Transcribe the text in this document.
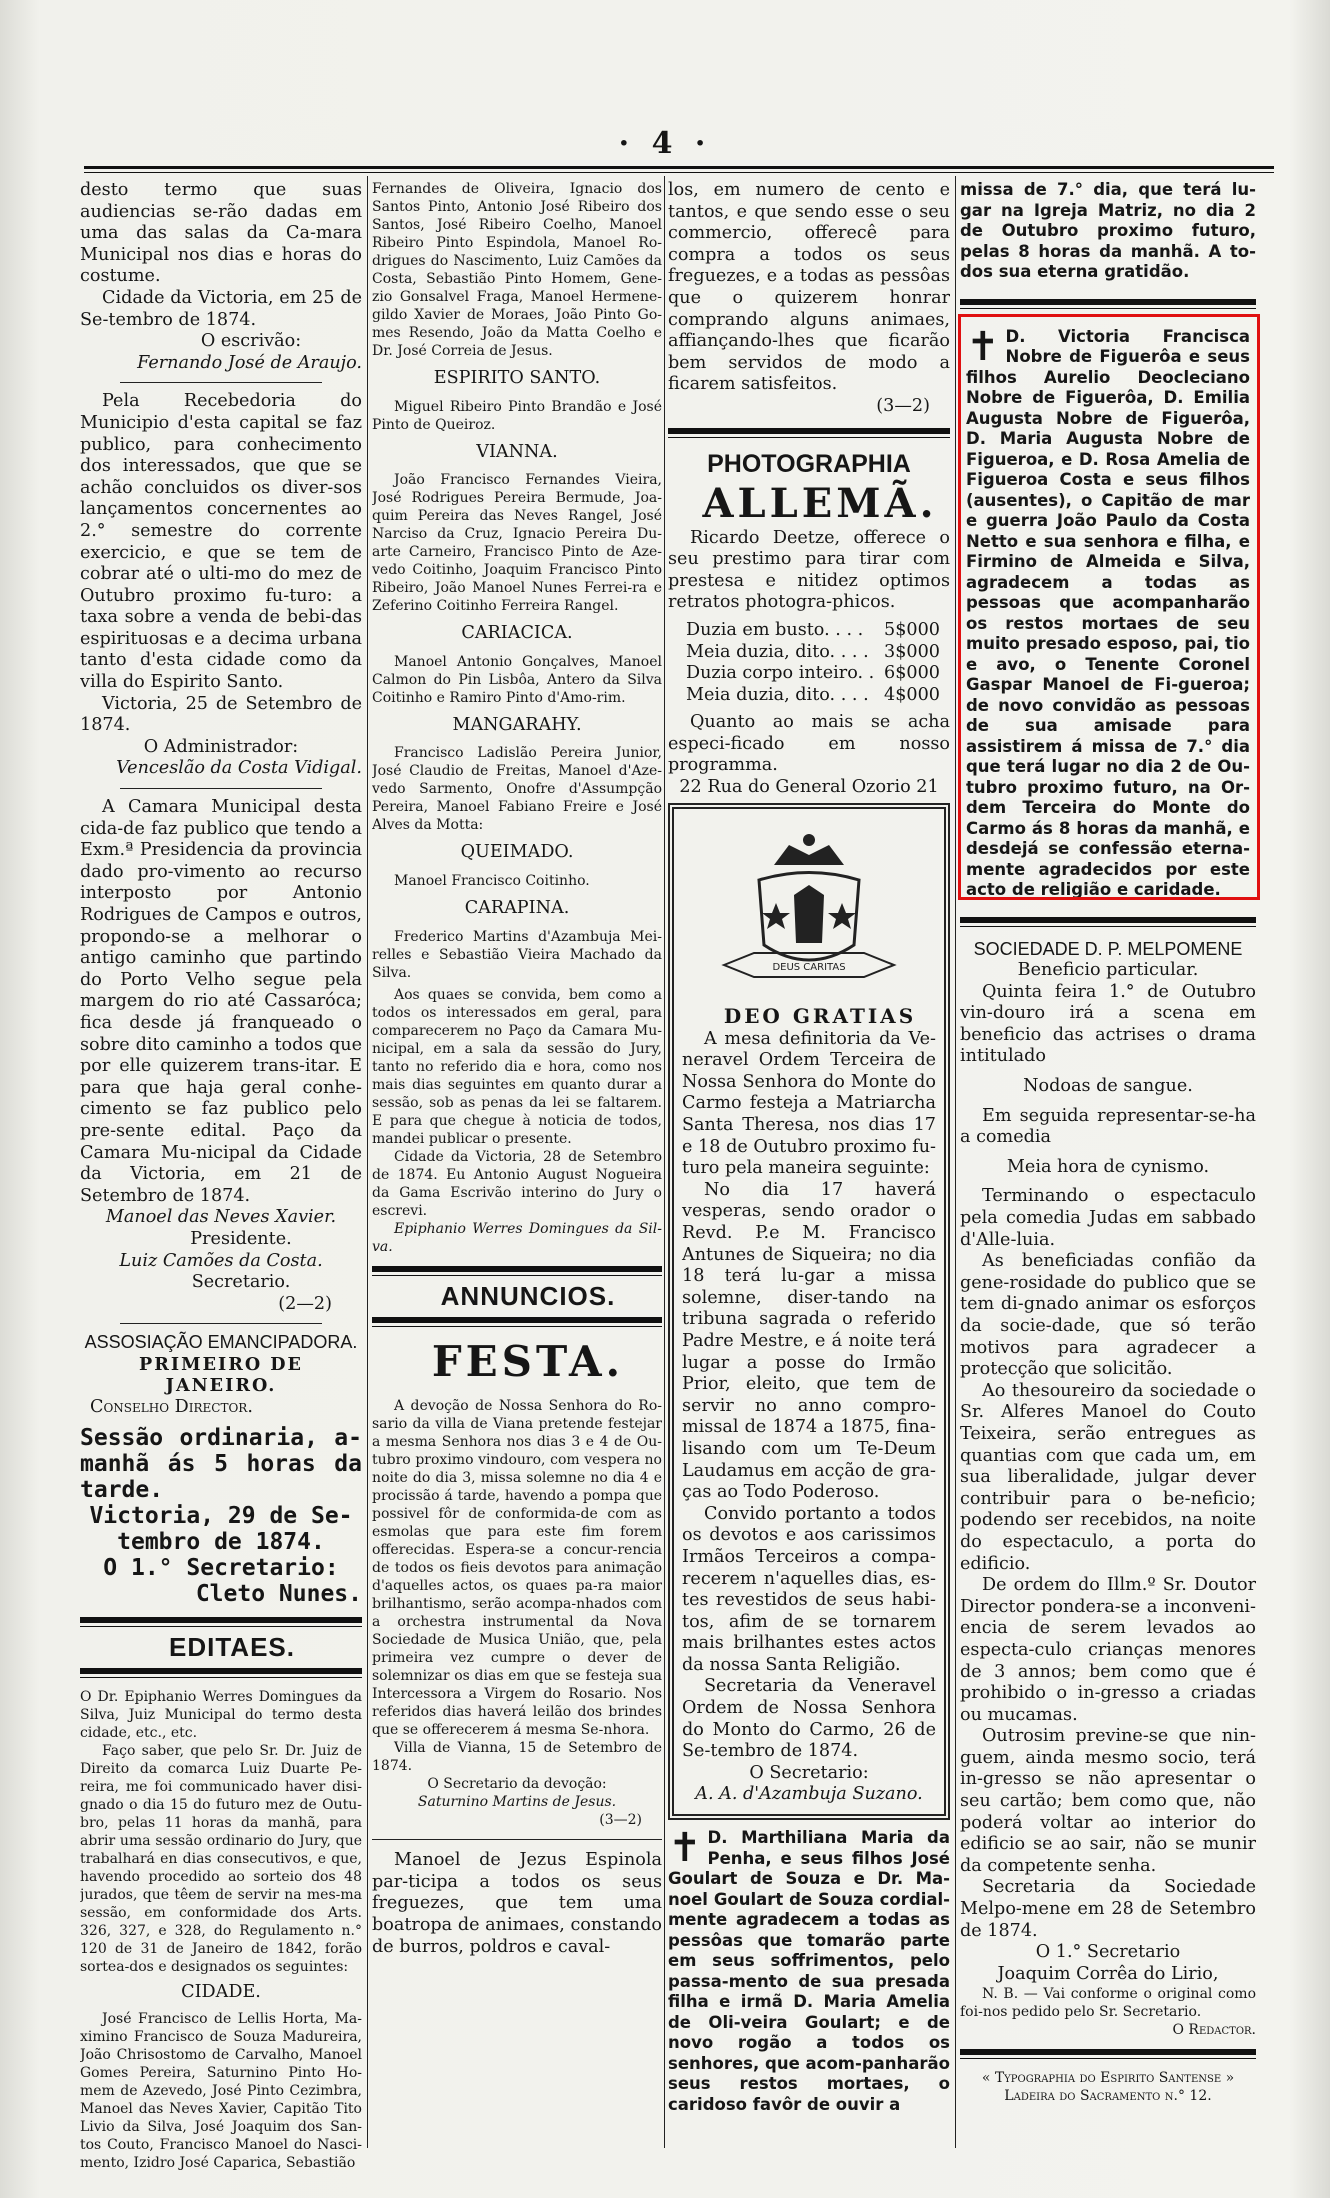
· 4 ·

desto termo que suas audiencias se-rão dadas em uma das salas da Ca-mara Municipal nos dias e horas do costume.

Cidade da Victoria, em 25 de Se-tembro de 1874.

O escrivão:

Fernando José de Araujo.

Pela Recebedoria do Municipio d'esta capital se faz publico, para conhecimento dos interessados, que que se achão concluidos os diver-sos lançamentos concernentes ao 2.° semestre do corrente exercicio, e que se tem de cobrar até o ulti-mo do mez de Outubro proximo fu-turo: a taxa sobre a venda de bebi-das espirituosas e a decima urbana tanto d'esta cidade como da villa do Espirito Santo.

Victoria, 25 de Setembro de 1874.

O Administrador:

Venceslão da Costa Vidigal.

A Camara Municipal desta cida-de faz publico que tendo a Exm.ª Presidencia da provincia dado pro-vimento ao recurso interposto por Antonio Rodrigues de Campos e outros, propondo-se a melhorar o antigo caminho que partindo do Porto Velho segue pela margem do rio até Cassaróca; fica desde já franqueado o sobre dito caminho a todos que por elle quizerem trans-itar. E para que haja geral conhe-cimento se faz publico pelo pre-sente edital. Paço da Camara Mu-nicipal da Cidade da Victoria, em 21 de Setembro de 1874.

Manoel das Neves Xavier.

Presidente.

Luiz Camões da Costa.

Secretario.

(2—2)

ASSOSIAÇÃO EMANCIPADORA.

PRIMEIRO DE JANEIRO.

Conselho Director.

Sessão ordinaria, a-manhã ás 5 horas da tarde.

Victoria, 29 de Se-tembro de 1874.

O 1.° Secretario:

Cleto Nunes.

EDITAES.

O Dr. Epiphanio Werres Domingues da Silva, Juiz Municipal do termo desta cidade, etc., etc.

Faço saber, que pelo Sr. Dr. Juiz de Direito da comarca Luiz Duarte Pe-reira, me foi communicado haver disi-gnado o dia 15 do futuro mez de Outu-bro, pelas 11 horas da manhã, para abrir uma sessão ordinario do Jury, que trabalhará en dias consecutivos, e que, havendo procedido ao sorteio dos 48 jurados, que têem de servir na mes-ma sessão, em conformidade dos Arts. 326, 327, e 328, do Regulamento n.° 120 de 31 de Janeiro de 1842, forão sortea-dos e designados os seguintes:

CIDADE.

José Francisco de Lellis Horta, Ma-ximino Francisco de Souza Madureira, João Chrisostomo de Carvalho, Manoel Gomes Pereira, Saturnino Pinto Ho-mem de Azevedo, José Pinto Cezimbra, Manoel das Neves Xavier, Capitão Tito Livio da Silva, José Joaquim dos San-tos Couto, Francisco Manoel do Nasci-mento, Izidro José Caparica, Sebastião

Fernandes de Oliveira, Ignacio dos Santos Pinto, Antonio José Ribeiro dos Santos, José Ribeiro Coelho, Manoel Ribeiro Pinto Espindola, Manoel Ro-drigues do Nascimento, Luiz Camões da Costa, Sebastião Pinto Homem, Gene-zio Gonsalvel Fraga, Manoel Hermene-gildo Xavier de Moraes, João Pinto Go-mes Resendo, João da Matta Coelho e Dr. José Correia de Jesus.

ESPIRITO SANTO.

Miguel Ribeiro Pinto Brandão e José Pinto de Queiroz.

VIANNA.

João Francisco Fernandes Vieira, José Rodrigues Pereira Bermude, Joa-quim Pereira das Neves Rangel, José Narciso da Cruz, Ignacio Pereira Du-arte Carneiro, Francisco Pinto de Aze-vedo Coitinho, Joaquim Francisco Pinto Ribeiro, João Manoel Nunes Ferrei-ra e Zeferino Coitinho Ferreira Rangel.

CARIACICA.

Manoel Antonio Gonçalves, Manoel Calmon do Pin Lisbôa, Antero da Silva Coitinho e Ramiro Pinto d'Amo-rim.

MANGARAHY.

Francisco Ladislão Pereira Junior, José Claudio de Freitas, Manoel d'Aze-vedo Sarmento, Onofre d'Assumpção Pereira, Manoel Fabiano Freire e José Alves da Motta:

QUEIMADO.

Manoel Francisco Coitinho.

CARAPINA.

Frederico Martins d'Azambuja Mei-relles e Sebastião Vieira Machado da Silva.

Aos quaes se convida, bem como a todos os interessados em geral, para comparecerem no Paço da Camara Mu-nicipal, em a sala da sessão do Jury, tanto no referido dia e hora, como nos mais dias seguintes em quanto durar a sessão, sob as penas da lei se faltarem. E para que chegue à noticia de todos, mandei publicar o presente.

Cidade da Victoria, 28 de Setembro de 1874. Eu Antonio August Nogueira da Gama Escrivão interino do Jury o escrevi.

Epiphanio Werres Domingues da Sil-va.

ANNUNCIOS.

FESTA.

A devoção de Nossa Senhora do Ro-sario da villa de Viana pretende festejar a mesma Senhora nos dias 3 e 4 de Ou-tubro proximo vindouro, com vespera no noite do dia 3, missa solemne no dia 4 e procissão á tarde, havendo a pompa que possivel fôr de conformida-de com as esmolas que para este fim forem offerecidas. Espera-se a concur-rencia de todos os fieis devotos para animação d'aquelles actos, os quaes pa-ra maior brilhantismo, serão acompa-nhados com a orchestra instrumental da Nova Sociedade de Musica União, que, pela primeira vez cumpre o dever de solemnizar os dias em que se festeja sua Intercessora a Virgem do Rosario. Nos referidos dias haverá leilão dos brindes que se offerecerem á mesma Se-nhora.

Villa de Vianna, 15 de Setembro de 1874.

O Secretario da devoção:

Saturnino Martins de Jesus.

(3—2)

Manoel de Jezus Espinola par-ticipa a todos os seus freguezes, que tem uma boatropa de animaes, constando de burros, poldros e caval-

los, em numero de cento e tantos, e que sendo esse o seu commercio, offerecê para compra a todos os seus freguezes, e a todas as pessôas que o quizerem honrar comprando alguns animaes, affiançando-lhes que ficarão bem servidos de modo a ficarem satisfeitos.

(3—2)

PHOTOGRAPHIA

ALLEMÃ.

Ricardo Deetze, offerece o seu prestimo para tirar com prestesa e nitidez optimos retratos photogra-phicos.

Duzia em busto. . . . 5$000
Meia duzia, dito. . . . 3$000
Duzia corpo inteiro. . 6$000
Meia duzia, dito. . . . 4$000

Quanto ao mais se acha especi-ficado em nosso programma.

22 Rua do General Ozorio 21

DEUS CARITAS

DEO GRATIAS

A mesa definitoria da Ve-neravel Ordem Terceira de Nossa Senhora do Monte do Carmo festeja a Matriarcha Santa Theresa, nos dias 17 e 18 de Outubro proximo fu-turo pela maneira seguinte:

No dia 17 haverá vesperas, sendo orador o Revd. P.e M. Francisco Antunes de Siqueira; no dia 18 terá lu-gar a missa solemne, diser-tando na tribuna sagrada o referido Padre Mestre, e á noite terá lugar a posse do Irmão Prior, eleito, que tem de servir no anno compro-missal de 1874 a 1875, fina-lisando com um Te-Deum Laudamus em acção de gra-ças ao Todo Poderoso.

Convido portanto a todos os devotos e aos carissimos Irmãos Terceiros a compa-recerem n'aquelles dias, es-tes revestidos de seus habi-tos, afim de se tornarem mais brilhantes estes actos da nossa Santa Religião.

Secretaria da Veneravel Ordem de Nossa Senhora do Monto do Carmo, 26 de Se-tembro de 1874.

O Secretario:

A. A. d'Azambuja Suzano.

✝ D. Marthiliana Maria da Penha, e seus filhos José Goulart de Souza e Dr. Ma-noel Goulart de Souza cordial-mente agradecem a todas as pessôas que tomarão parte em seus soffrimentos, pelo passa-mento de sua presada filha e irmã D. Maria Amelia de Oli-veira Goulart; e de novo rogão a todos os senhores, que acom-panharão seus restos mortaes, o caridoso favôr de ouvir a
missa de 7.° dia, que terá lu-gar na Igreja Matriz, no dia 2 de Outubro proximo futuro, pelas 8 horas da manhã. A to-dos sua eterna gratidão.
✝ D. Victoria Francisca Nobre de Figuerôa e seus filhos Aurelio Deocleciano Nobre de Figuerôa, D. Emilia Augusta Nobre de Figuerôa, D. Maria Augusta Nobre de Figueroa, e D. Rosa Amelia de Figueroa Costa e seus filhos (ausentes), o Capitão de mar e guerra João Paulo da Costa Netto e sua senhora e filha, e Firmino de Almeida e Silva, agradecem a todas as pessoas que acompanharão os restos mortaes de seu muito presado esposo, pai, tio e avo, o Tenente Coronel Gaspar Manoel de Fi-gueroa; de novo convidão as pessoas de sua amisade para assistirem á missa de 7.° dia que terá lugar no dia 2 de Ou-tubro proximo futuro, na Or-dem Terceira do Monte do Carmo ás 8 horas da manhã, e desdejá se confessão eterna-mente agradecidos por este acto de religião e caridade.

SOCIEDADE D. P. MELPOMENE

Beneficio particular.

Quinta feira 1.° de Outubro vin-douro irá a scena em beneficio das actrises o drama intitulado

Nodoas de sangue.

Em seguida representar-se-ha a comedia

Meia hora de cynismo.

Terminando o espectaculo pela comedia Judas em sabbado d'Alle-luia.

As beneficiadas confião da gene-rosidade do publico que se tem di-gnado animar os esforços da socie-dade, que só terão motivos para agradecer a protecção que solicitão.

Ao thesoureiro da sociedade o Sr. Alferes Manoel do Couto Teixeira, serão entregues as quantias com que cada um, em sua liberalidade, julgar dever contribuir para o be-neficio; podendo ser recebidos, na noite do espectaculo, a porta do edificio.

De ordem do Illm.º Sr. Doutor Director pondera-se a inconveni-encia de serem levados ao especta-culo crianças menores de 3 annos; bem como que é prohibido o in-gresso a criadas ou mucamas.

Outrosim previne-se que nin-guem, ainda mesmo socio, terá in-gresso se não apresentar o seu cartão; bem como que, não poderá voltar ao interior do edificio se ao sair, não se munir da competente senha.

Secretaria da Sociedade Melpo-mene em 28 de Setembro de 1874.

O 1.° Secretario

Joaquim Corrêa do Lirio,

N. B. — Vai conforme o original como foi-nos pedido pelo Sr. Secretario.

O Redactor.

« Typographia do Espirito Santense »

Ladeira do Sacramento n.° 12.
